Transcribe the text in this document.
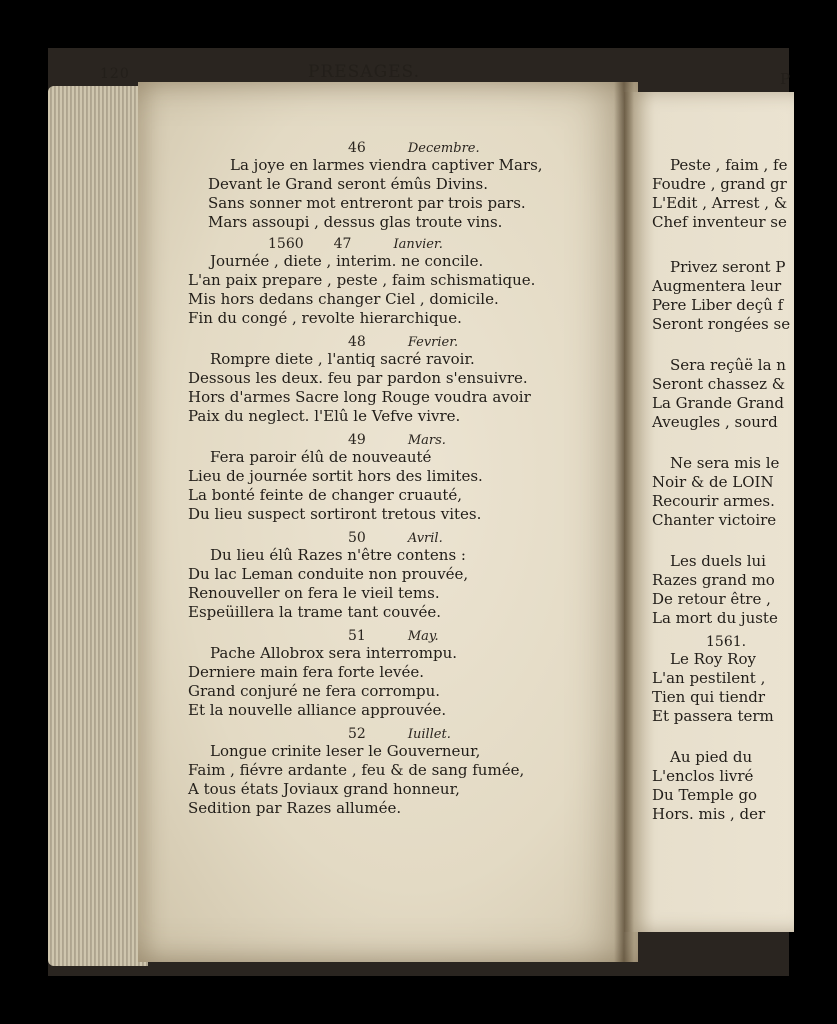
120	PRESAGES.
46	Decembre.
La joye en larmes viendra captiver Mars,
Devant le Grand seront émûs Divins.
Sans sonner mot entreront par trois pars.
Mars assoupi , dessus glas troute vins.
1560 47	Ianvier.
Journée , diete , interim. ne concile.
L'an paix prepare , peste , faim schismatique.
Mis hors dedans changer Ciel , domicile.
Fin du congé , revolte hierarchique.
48	Fevrier.
Rompre diete , l'antiq sacré ravoir.
Dessous les deux. feu par pardon s'ensuivre.
Hors d'armes Sacre long Rouge voudra avoir
Paix du neglect. l'Elû le Vefve vivre.
49	Mars.
Fera paroir élû de nouveauté
Lieu de journée sortit hors des limites.
La bonté feinte de changer cruauté,
Du lieu suspect sortiront tretous vites.
50	Avril.
Du lieu élû Razes n'être contens :
Du lac Leman conduite non prouvée,
Renouveller on fera le vieil tems.
Espeüillera la trame tant couvée.
51	May.
Pache Allobrox sera interrompu.
Derniere main fera forte levée.
Grand conjuré ne fera corrompu.
Et la nouvelle alliance approuvée.
52	Iuillet.
Longue crinite leser le Gouverneur,
Faim , fiévre ardante , feu & de sang fumée,
A tous états Joviaux grand honneur,
Sedition par Razes allumée.
P
Peste , faim , fe
Foudre , grand gr
L'Edit , Arrest , &
Chef inventeur se
Privez seront P
Augmentera leur
Pere Liber deçû f
Seront rongées se
Sera reçûë la n
Seront chassez &
La Grande Grand
Aveugles , sourd
Ne sera mis le
Noir & de LOIN
Recourir armes.
Chanter victoire
Les duels lui
Razes grand mo
De retour être ,
La mort du juste
Le Roy Roy
L'an pestilent ,
Tien qui tiendr
Et passera term
Au pied du
L'enclos livré
Du Temple go
Hors. mis , der
1561.
